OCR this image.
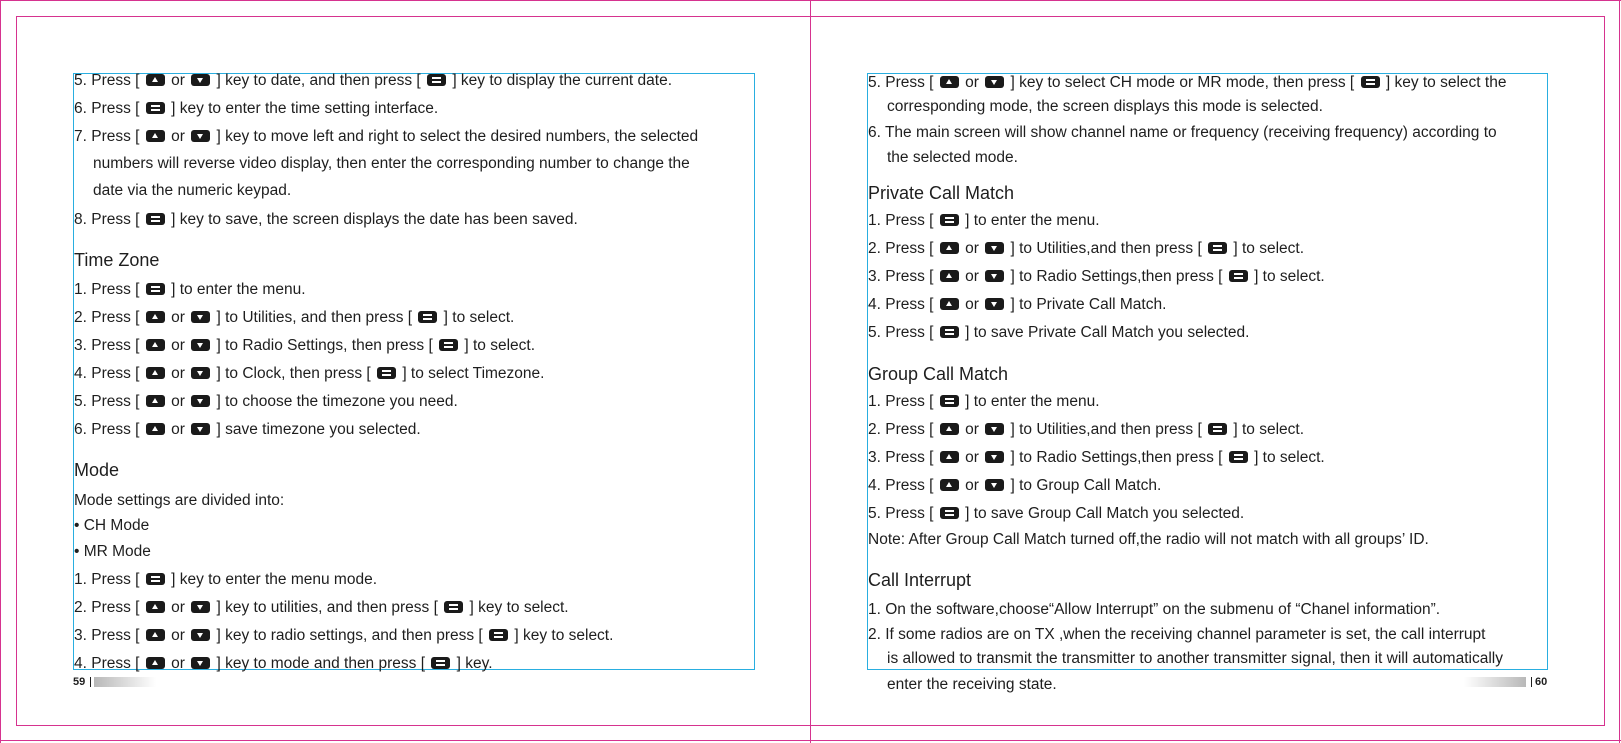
5. Press [  or  ] key to date, and then press [  ] key to display the current date.
6. Press [  ] key to enter the time setting interface.
7. Press [  or  ] key to move left and right to select the desired numbers, the selected
numbers will reverse video display, then enter the corresponding number to change the
date via the numeric keypad.
8. Press [  ] key to save, the screen displays the date has been saved.
1. Press [  ] to enter the menu.
2. Press [  or  ] to Utilities, and then press [  ] to select.
3. Press [  or  ] to Radio Settings, then press [  ] to select.
4. Press [  or  ] to Clock, then press [  ] to select Timezone.
5. Press [  or  ] to choose the timezone you need.
6. Press [  or  ] save timezone you selected.
Mode settings are divided into:
• CH Mode
• MR Mode
1. Press [  ] key to enter the menu mode.
2. Press [  or  ] key to utilities, and then press [  ] key to select.
3. Press [  or  ] key to radio settings, and then press [  ] key to select.
4. Press [  or  ] key to mode and then press [  ] key.
Time Zone
Mode
5. Press [  or  ] key to select CH mode or MR mode, then press [  ] key to select the
corresponding mode, the screen displays this mode is selected.
6. The main screen will show channel name or frequency (receiving frequency) according to
the selected mode.
1. Press [  ] to enter the menu.
2. Press [  or  ] to Utilities,and then press [  ] to select.
3. Press [  or  ] to Radio Settings,then press [  ] to select.
4. Press [  or  ] to Private Call Match.
5. Press [  ] to save Private Call Match you selected.
1. Press [  ] to enter the menu.
2. Press [  or  ] to Utilities,and then press [  ] to select.
3. Press [  or  ] to Radio Settings,then press [  ] to select.
4. Press [  or  ] to Group Call Match.
5. Press [  ] to save Group Call Match you selected.
Note: After Group Call Match turned off,the radio will not match with all groups’ ID.
1. On the software,choose“Allow Interrupt” on the submenu of “Chanel information”.
2. If some radios are on TX ,when the receiving channel parameter is set, the call interrupt
is allowed to transmit the transmitter to another transmitter signal, then it will automatically
enter the receiving state.
Private Call Match
Group Call Match
Call Interrupt
59	60
